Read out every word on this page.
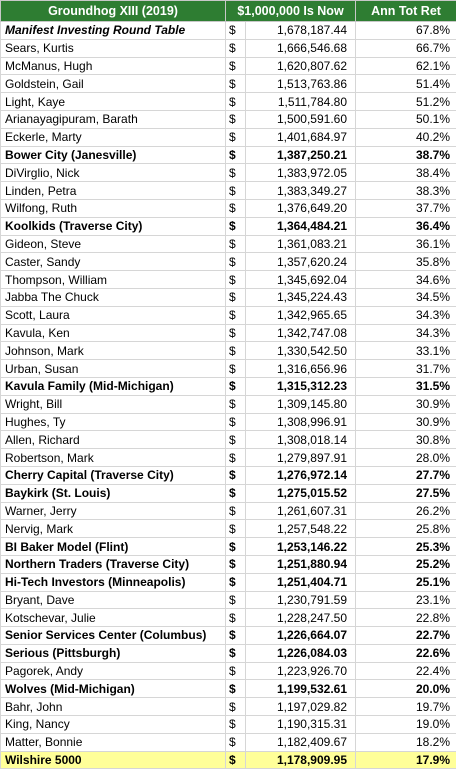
Groundhog XIII (2019)	$1,000,000 Is Now		Ann Tot Ret
Manifest Investing Round Table	$	1,678,187.44	67.8%
Sears, Kurtis	$	1,666,546.68	66.7%
McManus, Hugh	$	1,620,807.62	62.1%
Goldstein, Gail	$	1,513,763.86	51.4%
Light, Kaye	$	1,511,784.80	51.2%
Arianayagipuram, Barath	$	1,500,591.60	50.1%
Eckerle, Marty	$	1,401,684.97	40.2%
Bower City (Janesville)	$	1,387,250.21	38.7%
DiVirglio, Nick	$	1,383,972.05	38.4%
Linden, Petra	$	1,383,349.27	38.3%
Wilfong, Ruth	$	1,376,649.20	37.7%
Koolkids (Traverse City)	$	1,364,484.21	36.4%
Gideon, Steve	$	1,361,083.21	36.1%
Caster, Sandy	$	1,357,620.24	35.8%
Thompson, William	$	1,345,692.04	34.6%
Jabba The Chuck	$	1,345,224.43	34.5%
Scott, Laura	$	1,342,965.65	34.3%
Kavula, Ken	$	1,342,747.08	34.3%
Johnson, Mark	$	1,330,542.50	33.1%
Urban, Susan	$	1,316,656.96	31.7%
Kavula Family (Mid-Michigan)	$	1,315,312.23	31.5%
Wright, Bill	$	1,309,145.80	30.9%
Hughes, Ty	$	1,308,996.91	30.9%
Allen, Richard	$	1,308,018.14	30.8%
Robertson, Mark	$	1,279,897.91	28.0%
Cherry Capital (Traverse City)	$	1,276,972.14	27.7%
Baykirk (St. Louis)	$	1,275,015.52	27.5%
Warner, Jerry	$	1,261,607.31	26.2%
Nervig, Mark	$	1,257,548.22	25.8%
BI Baker Model (Flint)	$	1,253,146.22	25.3%
Northern Traders (Traverse City)	$	1,251,880.94	25.2%
Hi-Tech Investors (Minneapolis)	$	1,251,404.71	25.1%
Bryant, Dave	$	1,230,791.59	23.1%
Kotschevar, Julie	$	1,228,247.50	22.8%
Senior Services Center (Columbus)	$	1,226,664.07	22.7%
Serious (Pittsburgh)	$	1,226,084.03	22.6%
Pagorek, Andy	$	1,223,926.70	22.4%
Wolves (Mid-Michigan)	$	1,199,532.61	20.0%
Bahr, John	$	1,197,029.82	19.7%
King, Nancy	$	1,190,315.31	19.0%
Matter, Bonnie	$	1,182,409.67	18.2%
Wilshire 5000	$	1,178,909.95	17.9%
